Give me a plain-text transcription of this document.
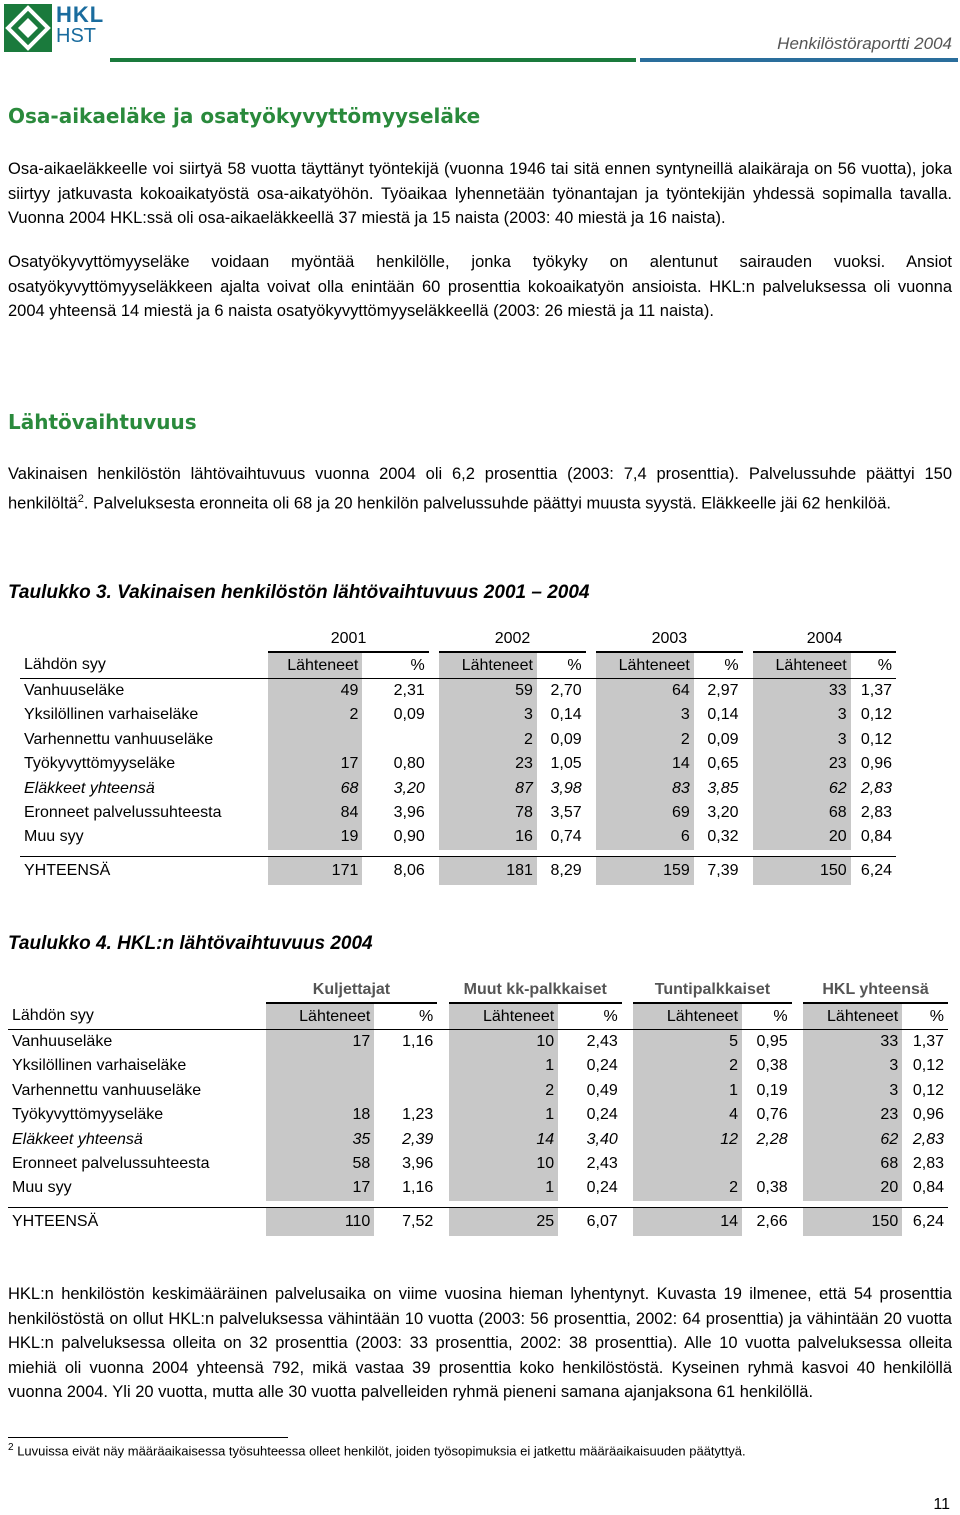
HKL
HST	Henkilöstöraportti 2004
Osa-aikaeläke ja osatyökyvyttömyyseläke
Osa-aikaeläkkeelle voi siirtyä 58 vuotta täyttänyt työntekijä (vuonna 1946 tai sitä ennen syntyneillä alaikäraja on 56 vuotta), joka siirtyy jatkuvasta kokoaikatyöstä osa-aikatyöhön. Työaikaa lyhennetään työnantajan ja työntekijän yhdessä sopimalla tavalla. Vuonna 2004 HKL:ssä oli osa-aikaeläkkeellä 37 miestä ja 15 naista (2003: 40 miestä ja 16 naista).
Osatyökyvyttömyyseläke voidaan myöntää henkilölle, jonka työkyky on alentunut sairauden vuoksi. Ansiot osatyökyvyttömyyseläkkeen ajalta voivat olla enintään 60 prosenttia kokoaikatyön ansioista. HKL:n palveluksessa oli vuonna 2004 yhteensä 14 miestä ja 6 naista osatyökyvyttömyyseläkkeellä (2003: 26 miestä ja 11 naista).
Lähtövaihtuvuus
Vakinaisen henkilöstön lähtövaihtuvuus vuonna 2004 oli 6,2 prosenttia (2003: 7,4 prosenttia). Palvelussuhde päättyi 150 henkilöltä$^2$. Palveluksesta eronneita oli 68 ja 20 henkilön palvelussuhde päättyi muusta syystä. Eläkkeelle jäi 62 henkilöä.
Taulukko 3. Vakinaisen henkilöstön lähtövaihtuvuus 2001 – 2004
	2001			2002			2003			2004	
Lähdön syy	Lähteneet	%		Lähteneet	%		Lähteneet	%		Lähteneet	%
Vanhuuseläke	49	2,31		59	2,70		64	2,97		33	1,37
Yksilöllinen varhaiseläke	2	0,09		3	0,14		3	0,14		3	0,12
Varhennettu vanhuuseläke				2	0,09		2	0,09		3	0,12
Työkyvyttömyyseläke	17	0,80		23	1,05		14	0,65		23	0,96
Eläkkeet yhteensä	68	3,20		87	3,98		83	3,85		62	2,83
Eronneet palvelussuhteesta	84	3,96		78	3,57		69	3,20		68	2,83
Muu syy	19	0,90		16	0,74		6	0,32		20	0,84

YHTEENSÄ	171	8,06		181	8,29		159	7,39		150	6,24
Taulukko 4. HKL:n lähtövaihtuvuus 2004
	Kuljettajat			Muut kk-palkkaiset			Tuntipalkkaiset			HKL yhteensä	
Lähdön syy	Lähteneet	%		Lähteneet	%		Lähteneet	%		Lähteneet	%
Vanhuuseläke	17	1,16		10	2,43		5	0,95		33	1,37
Yksilöllinen varhaiseläke				1	0,24		2	0,38		3	0,12
Varhennettu vanhuuseläke				2	0,49		1	0,19		3	0,12
Työkyvyttömyyseläke	18	1,23		1	0,24		4	0,76		23	0,96
Eläkkeet yhteensä	35	2,39		14	3,40		12	2,28		62	2,83
Eronneet palvelussuhteesta	58	3,96		10	2,43					68	2,83
Muu syy	17	1,16		1	0,24		2	0,38		20	0,84

YHTEENSÄ	110	7,52		25	6,07		14	2,66		150	6,24
HKL:n henkilöstön keskimääräinen palvelusaika on viime vuosina hieman lyhentynyt. Kuvasta 19 ilmenee, että 54 prosenttia henkilöstöstä on ollut HKL:n palveluksessa vähintään 10 vuotta (2003: 56 prosenttia, 2002: 64 prosenttia) ja vähintään 20 vuotta HKL:n palveluksessa olleita on 32 prosenttia (2003: 33 prosenttia, 2002: 38 prosenttia). Alle 10 vuotta palveluksessa olleita miehiä oli vuonna 2004 yhteensä 792, mikä vastaa 39 prosenttia koko henkilöstöstä. Kyseinen ryhmä kasvoi 40 henkilöllä vuonna 2004. Yli 20 vuotta, mutta alle 30 vuotta palvelleiden ryhmä pieneni samana ajanjaksona 61 henkilöllä.
$^2$ Luvuissa eivät näy määräaikaisessa työsuhteessa olleet henkilöt, joiden työsopimuksia ei jatkettu määräaikaisuuden päätyttyä.
11
